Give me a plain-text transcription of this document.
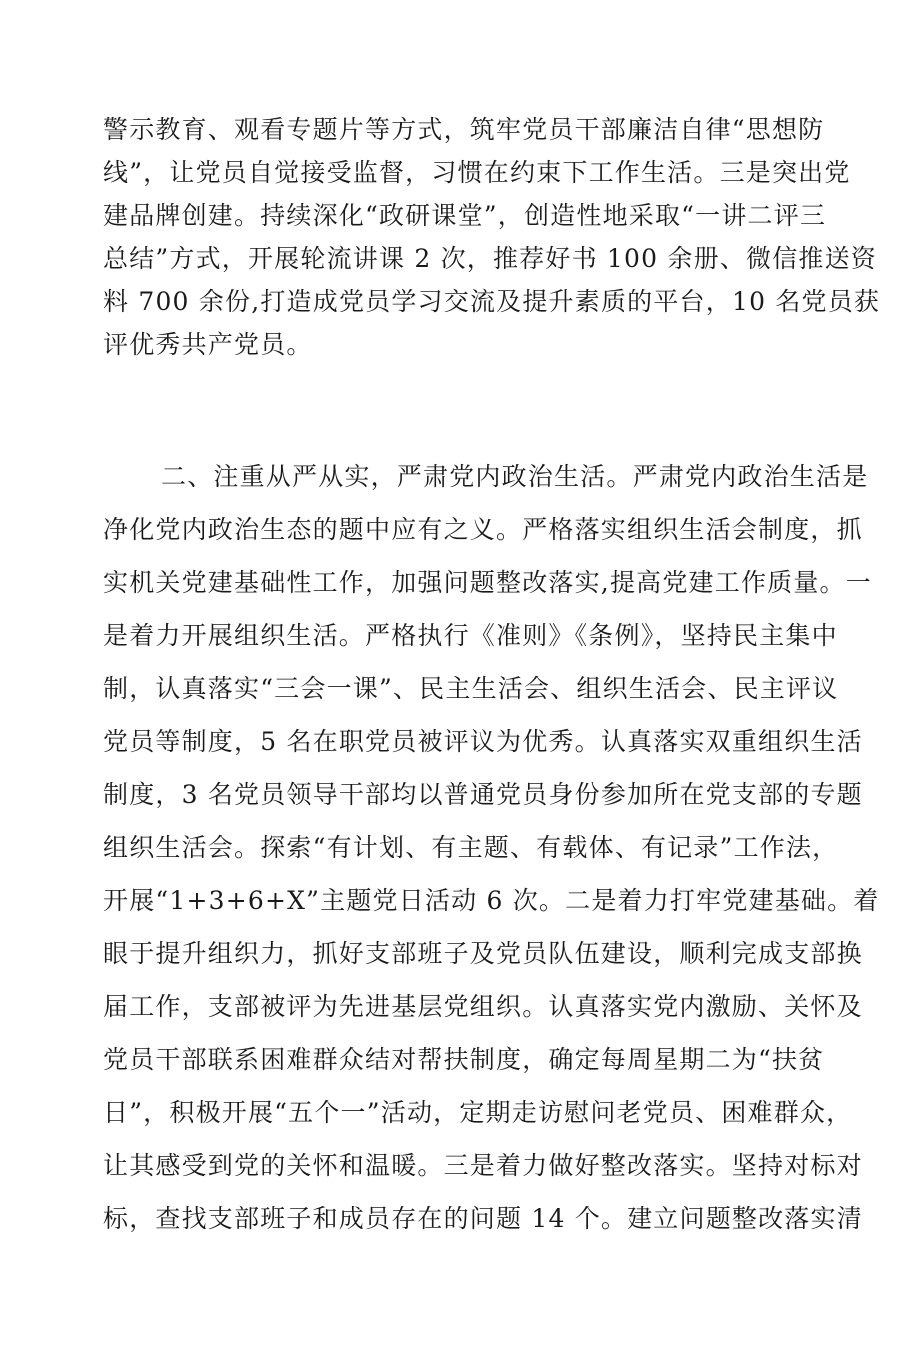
警示教育、观看专题片等方式，筑牢党员干部廉洁自律“思想防
线”，让党员自觉接受监督，习惯在约束下工作生活。三是突出党
建品牌创建。持续深化“政研课堂”，创造性地采取“一讲二评三
总结”方式，开展轮流讲课 2 次，推荐好书 100 余册、微信推送资
料 700 余份,打造成党员学习交流及提升素质的平台，10 名党员获
评优秀共产党员。
二、注重从严从实，严肃党内政治生活。严肃党内政治生活是
净化党内政治生态的题中应有之义。严格落实组织生活会制度，抓
实机关党建基础性工作，加强问题整改落实,提高党建工作质量。一
是着力开展组织生活。严格执行《准则》《条例》，坚持民主集中
制，认真落实“三会一课”、民主生活会、组织生活会、民主评议
党员等制度，5 名在职党员被评议为优秀。认真落实双重组织生活
制度，3 名党员领导干部均以普通党员身份参加所在党支部的专题
组织生活会。探索“有计划、有主题、有载体、有记录”工作法，
开展“1+3+6+X”主题党日活动 6 次。二是着力打牢党建基础。着
眼于提升组织力，抓好支部班子及党员队伍建设，顺利完成支部换
届工作，支部被评为先进基层党组织。认真落实党内激励、关怀及
党员干部联系困难群众结对帮扶制度，确定每周星期二为“扶贫
日”，积极开展“五个一”活动，定期走访慰问老党员、困难群众，
让其感受到党的关怀和温暖。三是着力做好整改落实。坚持对标对
标，查找支部班子和成员存在的问题 14 个。建立问题整改落实清
